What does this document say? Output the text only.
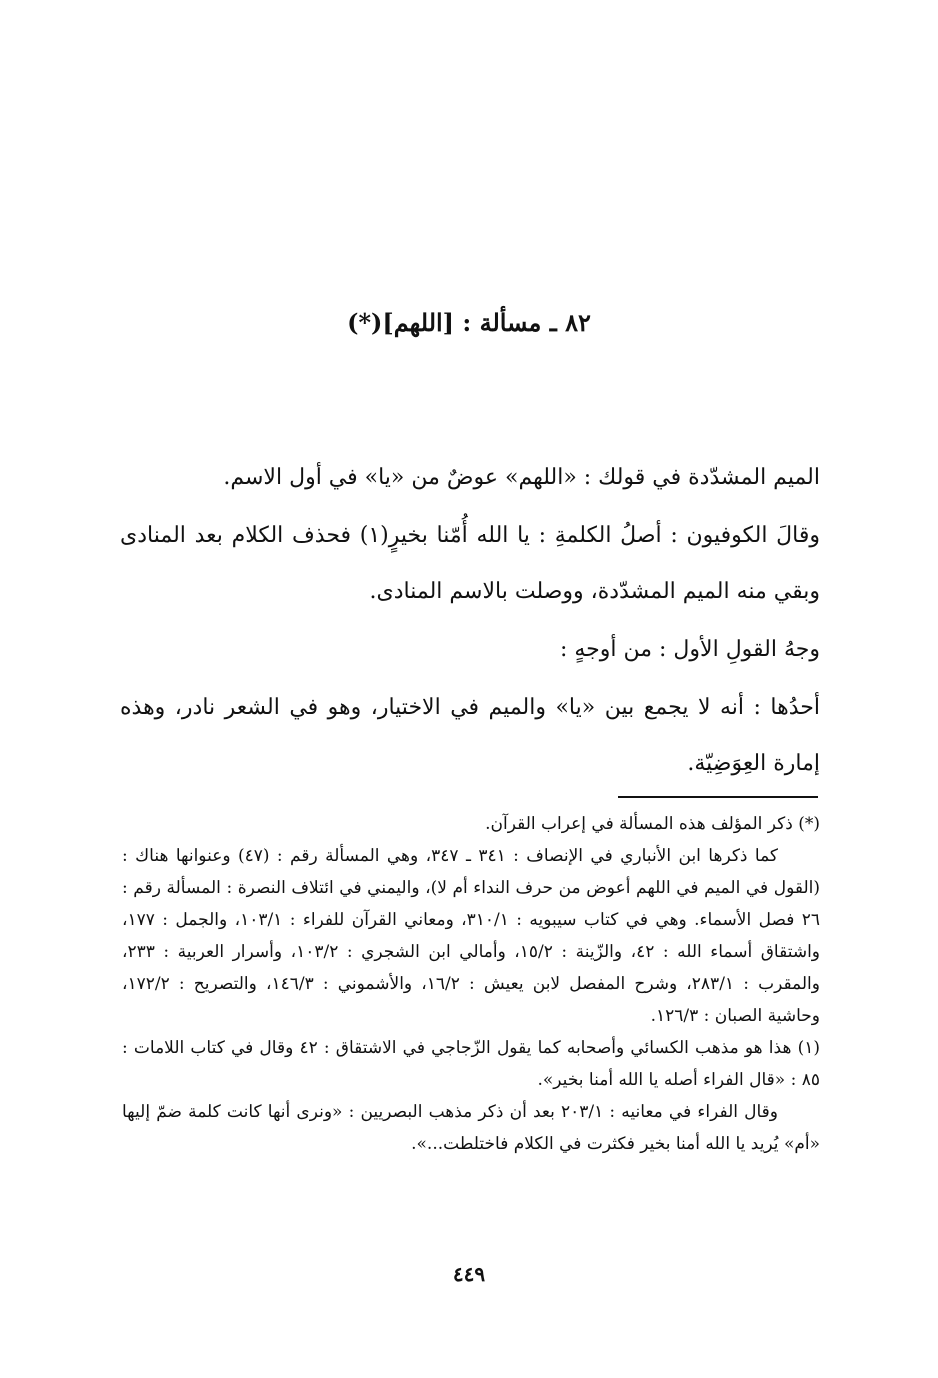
٨٢ ـ مسألة : [اللهم](*)

الميم المشدّدة في قولك : «اللهم» عوضٌ من «يا» في أول الاسم.

وقالَ الكوفيون : أصلُ الكلمةِ : يا الله أُمّنا بخيرٍ(١) فحذف الكلام بعد المنادى وبقي منه الميم المشدّدة، ووصلت بالاسم المنادى.

وجهُ القولِ الأول : من أوجهٍ :

أحدُها : أنه لا يجمع بين «يا» والميم في الاختيار، وهو في الشعر نادر، وهذه إمارة العِوَضِيّة.

(*) ذكر المؤلف هذه المسألة في إعراب القرآن.

كما ذكرها ابن الأنباري في الإنصاف : ٣٤١ ـ ٣٤٧، وهي المسألة رقم : (٤٧) وعنوانها هناك : (القول في الميم في اللهم أعوض من حرف النداء أم لا)، واليمني في ائتلاف النصرة : المسألة رقم : ٢٦ فصل الأسماء. وهي في كتاب سيبويه : ٣١٠/١، ومعاني القرآن للفراء : ١٠٣/١، والجمل : ١٧٧، واشتقاق أسماء الله : ٤٢، والزّينة : ١٥/٢، وأمالي ابن الشجري : ١٠٣/٢، وأسرار العربية : ٢٣٣، والمقرب : ٢٨٣/١، وشرح المفصل لابن يعيش : ١٦/٢، والأشموني : ١٤٦/٣، والتصريح : ١٧٢/٢، وحاشية الصبان : ١٢٦/٣.

(١) هذا هو مذهب الكسائي وأصحابه كما يقول الزّجاجي في الاشتقاق : ٤٢ وقال في كتاب اللامات : ٨٥ : «قال الفراء أصله يا الله أمنا بخير».

وقال الفراء في معانيه : ٢٠٣/١ بعد أن ذكر مذهب البصريين : «ونرى أنها كانت كلمة ضمّ إليها «أم» يُريد يا الله أمنا بخير فكثرت في الكلام فاختلطت...».

٤٤٩
